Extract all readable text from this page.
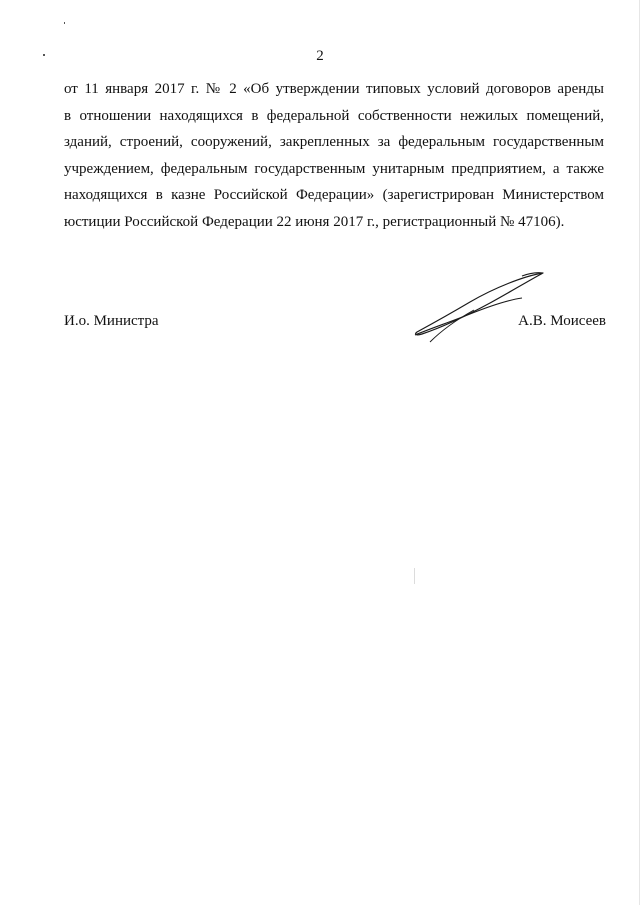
2
от 11 января 2017 г. № 2 «Об утверждении типовых условий договоров аренды
в отношении находящихся в федеральной собственности нежилых помещений,
зданий, строений, сооружений, закрепленных за федеральным государственным
учреждением, федеральным государственным унитарным предприятием, а также
находящихся в казне Российской Федерации» (зарегистрирован Министерством
юстиции Российской Федерации 22 июня 2017 г., регистрационный № 47106).
И.о. Министра	А.В. Моисеев
